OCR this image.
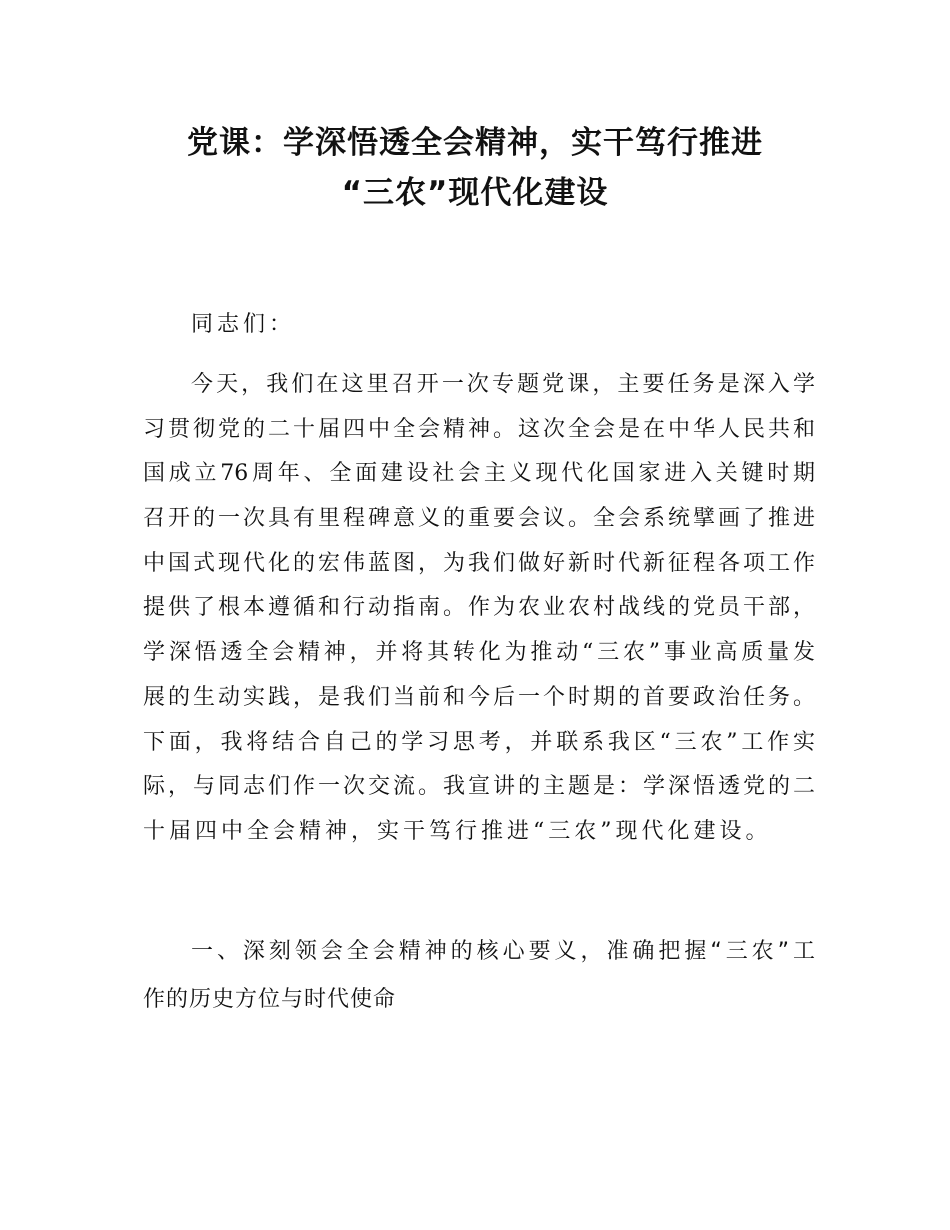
党课：学深悟透全会精神，实干笃行推进
“三农”现代化建设
同志们：
今天，我们在这里召开一次专题党课，主要任务是深入学
习贯彻党的二十届四中全会精神。这次全会是在中华人民共和
国成立76周年、全面建设社会主义现代化国家进入关键时期
召开的一次具有里程碑意义的重要会议。全会系统擘画了推进
中国式现代化的宏伟蓝图，为我们做好新时代新征程各项工作
提供了根本遵循和行动指南。作为农业农村战线的党员干部，
学深悟透全会精神，并将其转化为推动“三农”事业高质量发
展的生动实践，是我们当前和今后一个时期的首要政治任务。
下面，我将结合自己的学习思考，并联系我区“三农”工作实
际，与同志们作一次交流。我宣讲的主题是：学深悟透党的二
十届四中全会精神，实干笃行推进“三农”现代化建设。
一、深刻领会全会精神的核心要义，准确把握“三农”工
作的历史方位与时代使命
